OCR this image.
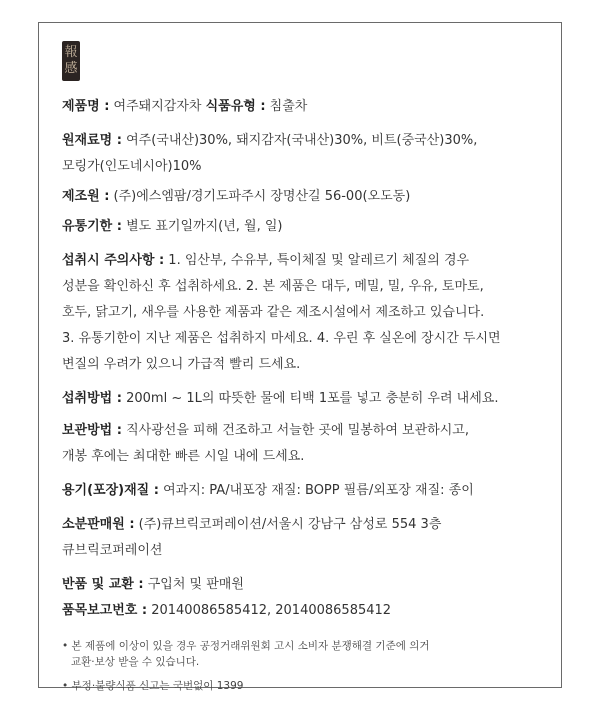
報
感

제품명 : 여주돼지감자차 식품유형 : 침출차

원재료명 : 여주(국내산)30%, 돼지감자(국내산)30%, 비트(중국산)30%,
모링가(인도네시아)10%

제조원 : (주)에스엠팜/경기도파주시 장명산길 56-00(오도동)

유통기한 : 별도 표기일까지(년, 월, 일)

섭취시 주의사항 : 1. 임산부, 수유부, 특이체질 및 알레르기 체질의 경우
성분을 확인하신 후 섭취하세요. 2. 본 제품은 대두, 메밀, 밀, 우유, 토마토,
호두, 닭고기, 새우를 사용한 제품과 같은 제조시설에서 제조하고 있습니다.
3. 유통기한이 지난 제품은 섭취하지 마세요. 4. 우린 후 실온에 장시간 두시면
변질의 우려가 있으니 가급적 빨리 드세요.

섭취방법 : 200ml ~ 1L의 따뜻한 물에 티백 1포를 넣고 충분히 우려 내세요.

보관방법 : 직사광선을 피해 건조하고 서늘한 곳에 밀봉하여 보관하시고,
개봉 후에는 최대한 빠른 시일 내에 드세요.

용기(포장)재질 : 여과지: PA/내포장 재질: BOPP 필름/외포장 재질: 종이

소분판매원 : (주)큐브릭코퍼레이션/서울시 강남구 삼성로 554 3층
큐브릭코퍼레이션

반품 및 교환 : 구입처 및 판매원

품목보고번호 : 20140086585412, 20140086585412

• 본 제품에 이상이 있을 경우 공정거래위원회 고시 소비자 분쟁해결 기준에 의거
교환·보상 받을 수 있습니다.

• 부정·불량식품 신고는 국번없이 1399
